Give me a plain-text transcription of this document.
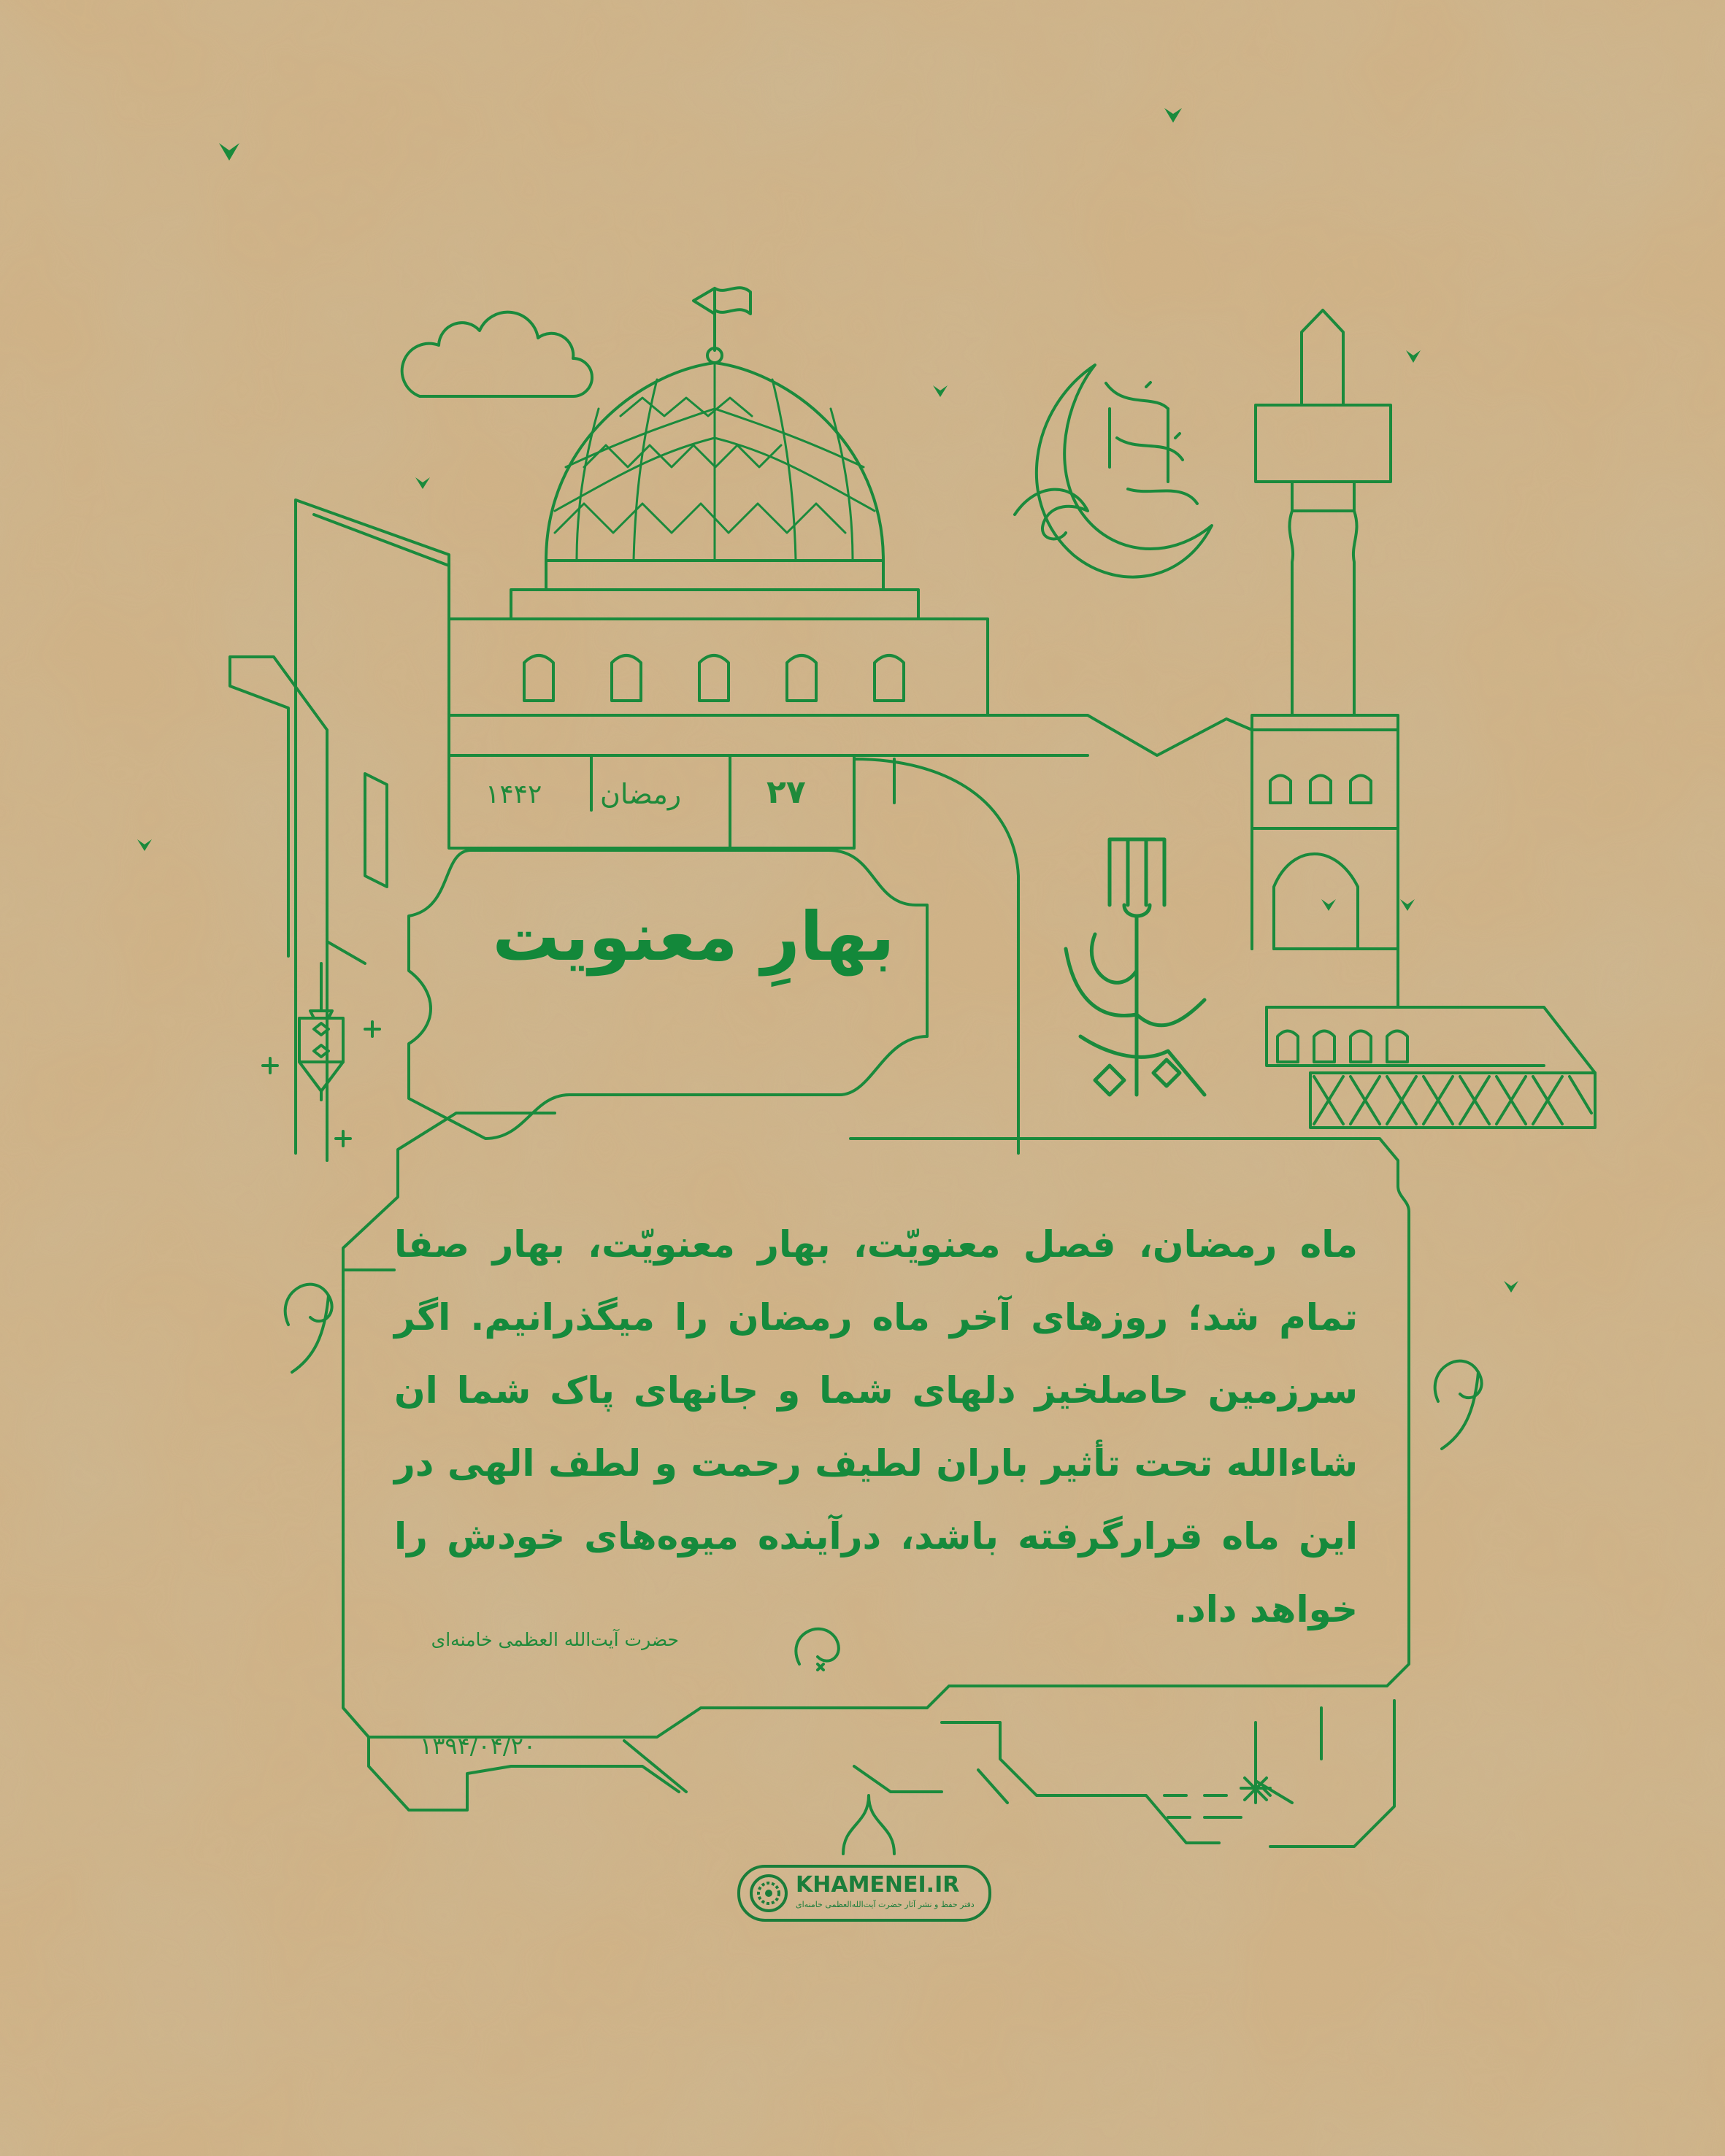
۲۷
رمضان
۱۴۴۲
بهارِ معنویت
ماه رمضان، فصل معنویّت، بهار معنویّت، بهار صفا
تمام شد؛ روزهای آخر ماه رمضان را میگذرانیم. اگر
سرزمین حاصلخیز دلهای شما و جانهای پاک شما ان
شاءالله تحت تأثیر باران لطیف رحمت و لطف الهی در
این ماه قرارگرفته باشد، درآینده میوه‌های خودش را
خواهد داد.
حضرت آیت‌الله العظمی خامنه‌ای
۱۳۹۴/۰۴/۲۰
KHAMENEI.IR
دفتر حفظ و نشر آثار حضرت آیت‌الله‌العظمی خامنه‌ای
